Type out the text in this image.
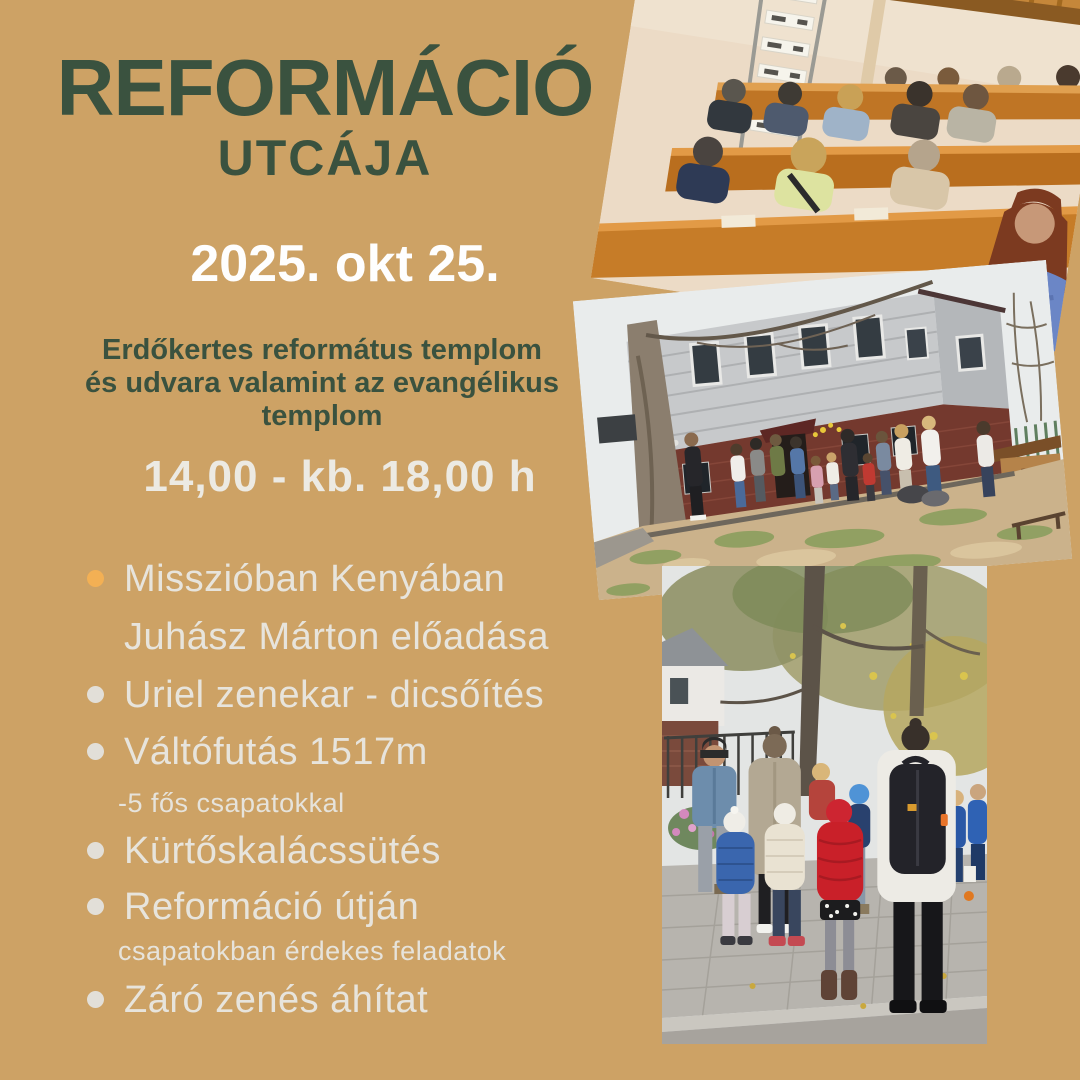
REFORMÁCIÓ
UTCÁJA
2025. okt 25.
Erdőkertes református templom
és udvara valamint az evangélikus
templom
14,00 - kb. 18,00 h
Misszióban Kenyában
Juhász Márton előadása
Uriel zenekar - dicsőítés
Váltófutás 1517m
-5 fős csapatokkal
Kürtőskalácssütés
Reformáció útján
csapatokban érdekes feladatok
Záró zenés áhítat
